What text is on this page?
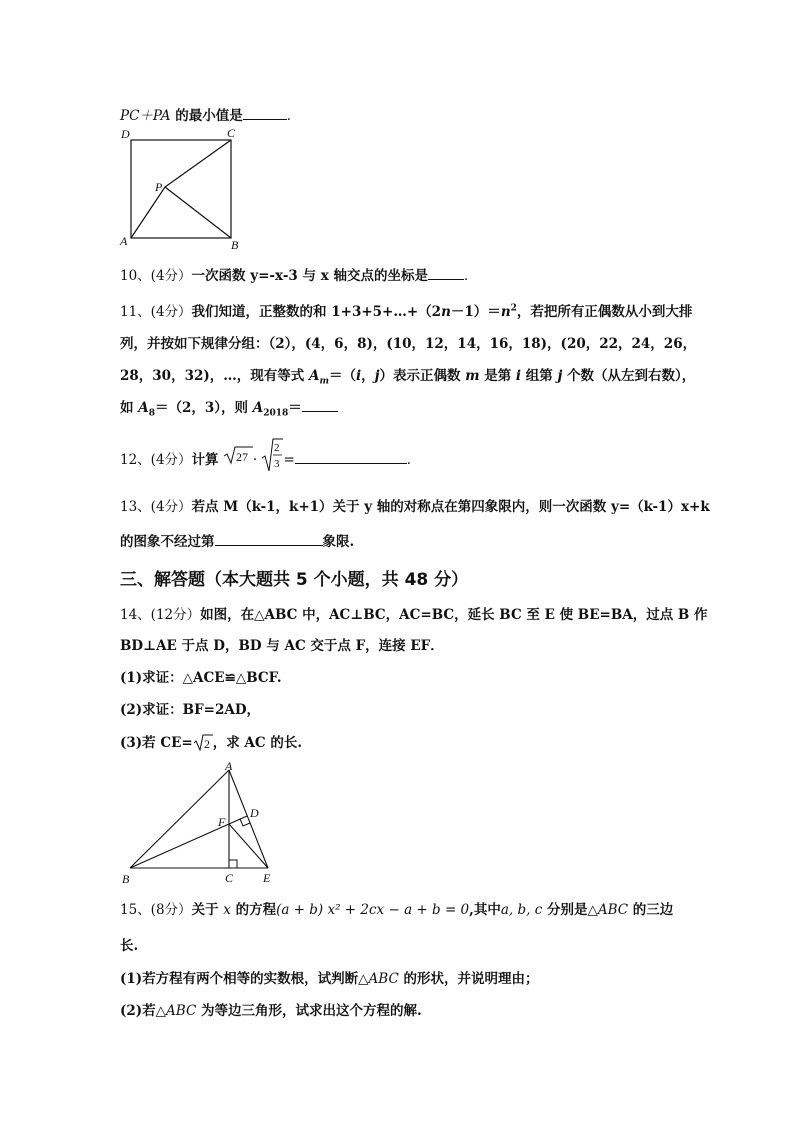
PC＋PA 的最小值是	．
D	C
P
A	B
10、(4分）一次函数 y=-x-3 与 x 轴交点的坐标是	．
11、(4分）我们知道，正整数的和 $1+3+5+\dots+(2n-1)=n^2$，若把所有正偶数从小到大排
列，并按如下规律分组：（2），(4，6，8)，(10，12，14，16，18)，(20，22，24，26，
28，30，32)，…，现有等式 $A_m=(i$，j）表示正偶数 m 是第 i 组第 j 个数（从左到右数），
如 $A_8=(2$，3），则 $A_{2018}=$
12、(4分）计算 27 ·
2
3 =	．
13、(4分）若点 M（k-1，k+1）关于 y 轴的对称点在第四象限内，则一次函数 y=（k-1）x+k
的图象不经过第	象限.
三、解答题（本大题共 5 个小题，共 48 分）
14、(12分）如图，在△ABC 中，AC⊥BC，AC=BC，延长 BC 至 E 使 BE=BA，过点 B 作
BD⊥AE 于点 D，BD 与 AC 交于点 F，连接 EF．
(1)求证：△ACE≌△BCF.
(2)求证：BF=2AD，
(3)若 CE= 2 ，求 AC 的长.
A
D
F
B	C E
15、(8分）关于 x 的方程(a + b) x² + 2cx − a + b = 0,其中a, b, c 分别是△ABC 的三边
长.
(1)若方程有两个相等的实数根，试判断△ABC 的形状，并说明理由；
(2)若△ABC 为等边三角形，试求出这个方程的解.
